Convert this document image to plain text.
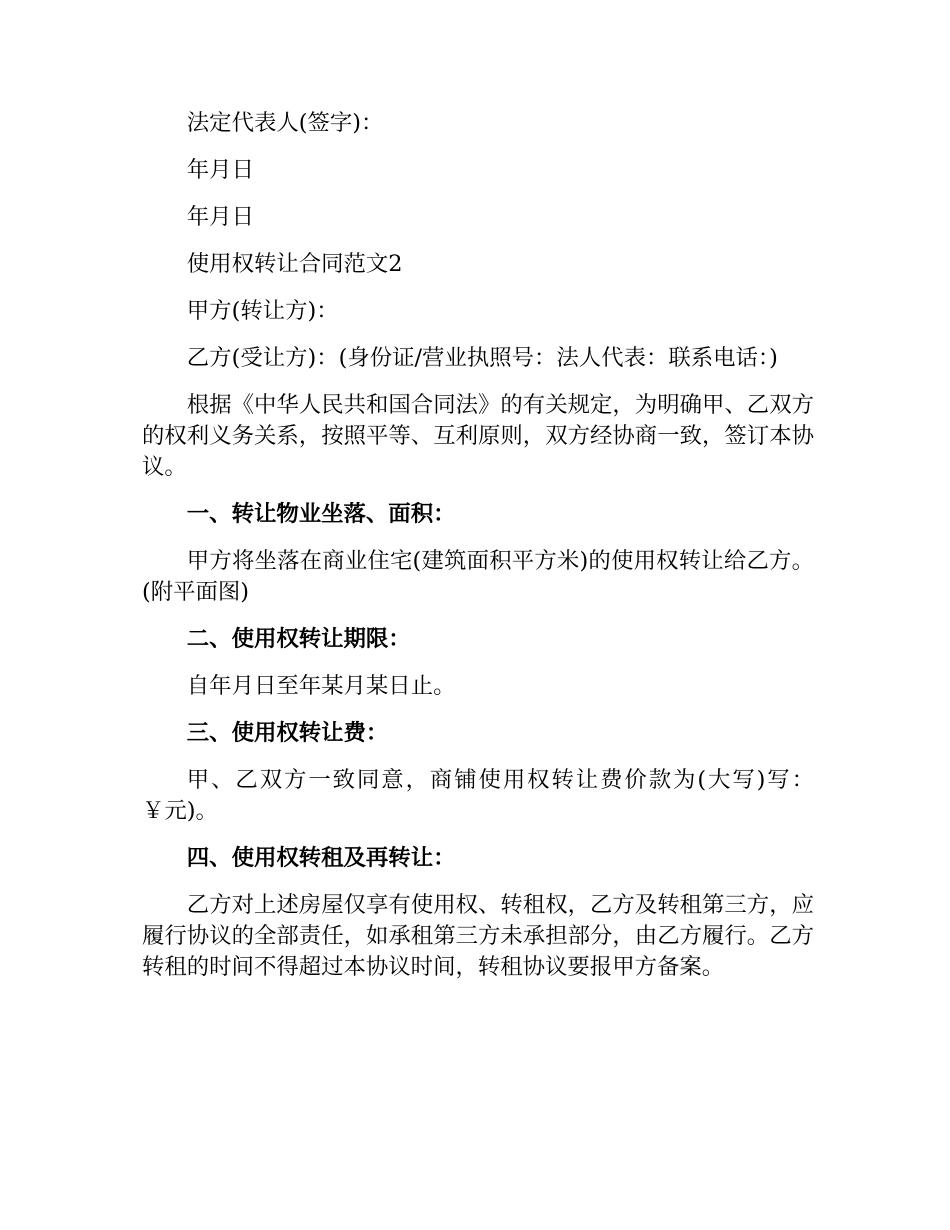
法定代表人(签字)：

年月日

年月日

使用权转让合同范文2

甲方(转让方)：

乙方(受让方)：(身份证/营业执照号：法人代表：联系电话：)

根据《中华人民共和国合同法》的有关规定，为明确甲、乙双方的权利义务关系，按照平等、互利原则，双方经协商一致，签订本协议。

一、转让物业坐落、面积：

甲方将坐落在商业住宅(建筑面积平方米)的使用权转让给乙方。(附平面图)

二、使用权转让期限：

自年月日至年某月某日止。

三、使用权转让费：

甲、乙双方一致同意，商铺使用权转让费价款为(大写)写：￥元)。

四、使用权转租及再转让：

乙方对上述房屋仅享有使用权、转租权，乙方及转租第三方，应履行协议的全部责任，如承租第三方未承担部分，由乙方履行。乙方转租的时间不得超过本协议时间，转租协议要报甲方备案。
